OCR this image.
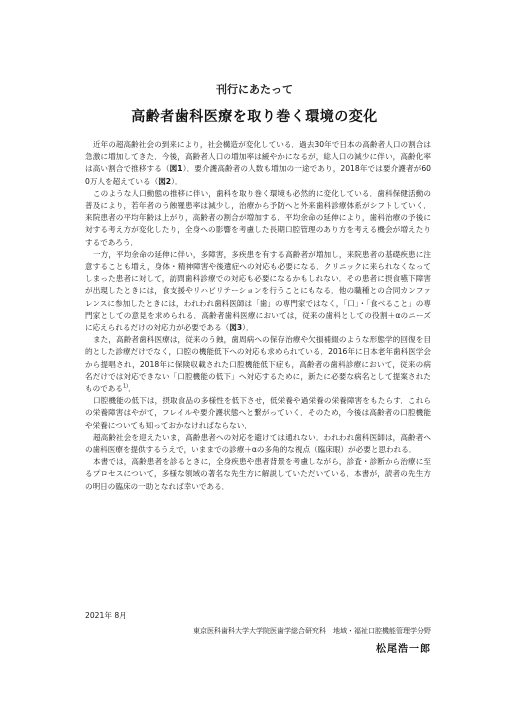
刊行にあたって
高齢者歯科医療を取り巻く環境の変化

近年の超高齢社会の到来により，社会構造が変化している．過去30年で日本の高齢者人口の割合は急激に増加してきた．今後，高齢者人口の増加率は緩やかになるが，総人口の減少に伴い，高齢化率は高い割合で推移する（図1）．要介護高齢者の人数も増加の一途であり，2018年では要介護者が600万人を超えている（図2）．

このような人口動態の推移に伴い，歯科を取り巻く環境も必然的に変化している．歯科保健活動の普及により，若年者のう蝕罹患率は減少し，治療から予防へと外来歯科診療体系がシフトしていく．来院患者の平均年齢は上がり，高齢者の割合が増加する．平均余命の延伸により，歯科治療の予後に対する考え方が変化したり，全身への影響を考慮した長期口腔管理のあり方を考える機会が増えたりするであろう．

一方，平均余命の延伸に伴い，多障害，多疾患を有する高齢者が増加し，来院患者の基礎疾患に注意することも増え，身体・精神障害や後遺症への対応も必要になる．クリニックに来られなくなってしまった患者に対して，訪問歯科診療での対応も必要になるかもしれない．その患者に摂食嚥下障害が出現したときには，食支援やリハビリテーションを行うことにもなる．他の職種との合同カンファレンスに参加したときには，われわれ歯科医師は「歯」の専門家ではなく，「口」・「食べること」の専門家としての意見を求められる．高齢者歯科医療においては，従来の歯科としての役割＋αのニーズに応えられるだけの対応力が必要である（図3）．

また，高齢者歯科医療は，従来のう蝕，歯周病への保存治療や欠損補綴のような形態学的回復を目的とした診療だけでなく，口腔の機能低下への対応も求められている．2016年に日本老年歯科医学会から提唱され，2018年に保険収載された口腔機能低下症も，高齢者の歯科診療において，従来の病名だけでは対応できない「口腔機能の低下」へ対応するために，新たに必要な病名として提案されたものである$^{1)}$．

口腔機能の低下は，摂取食品の多様性を低下させ，低栄養や過栄養の栄養障害をもたらす．これらの栄養障害はやがて，フレイルや要介護状態へと繋がっていく．そのため，今後は高齢者の口腔機能や栄養についても知っておかなければならない．

超高齢社会を迎えたいま，高齢患者への対応を避けては通れない．われわれ歯科医師は，高齢者への歯科医療を提供するうえで，いままでの診療＋αの多角的な視点（臨床眼）が必要と思われる．

本書では，高齢患者を診るときに，全身疾患や患者背景を考慮しながら，診査・診断から治療に至るプロセスについて，多様な領域の著名な先生方に解説していただいている．本書が，読者の先生方の明日の臨床の一助となれば幸いである．

2021年 8月
東京医科歯科大学大学院医歯学総合研究科　地域・福祉口腔機能管理学分野
松尾浩一郎
